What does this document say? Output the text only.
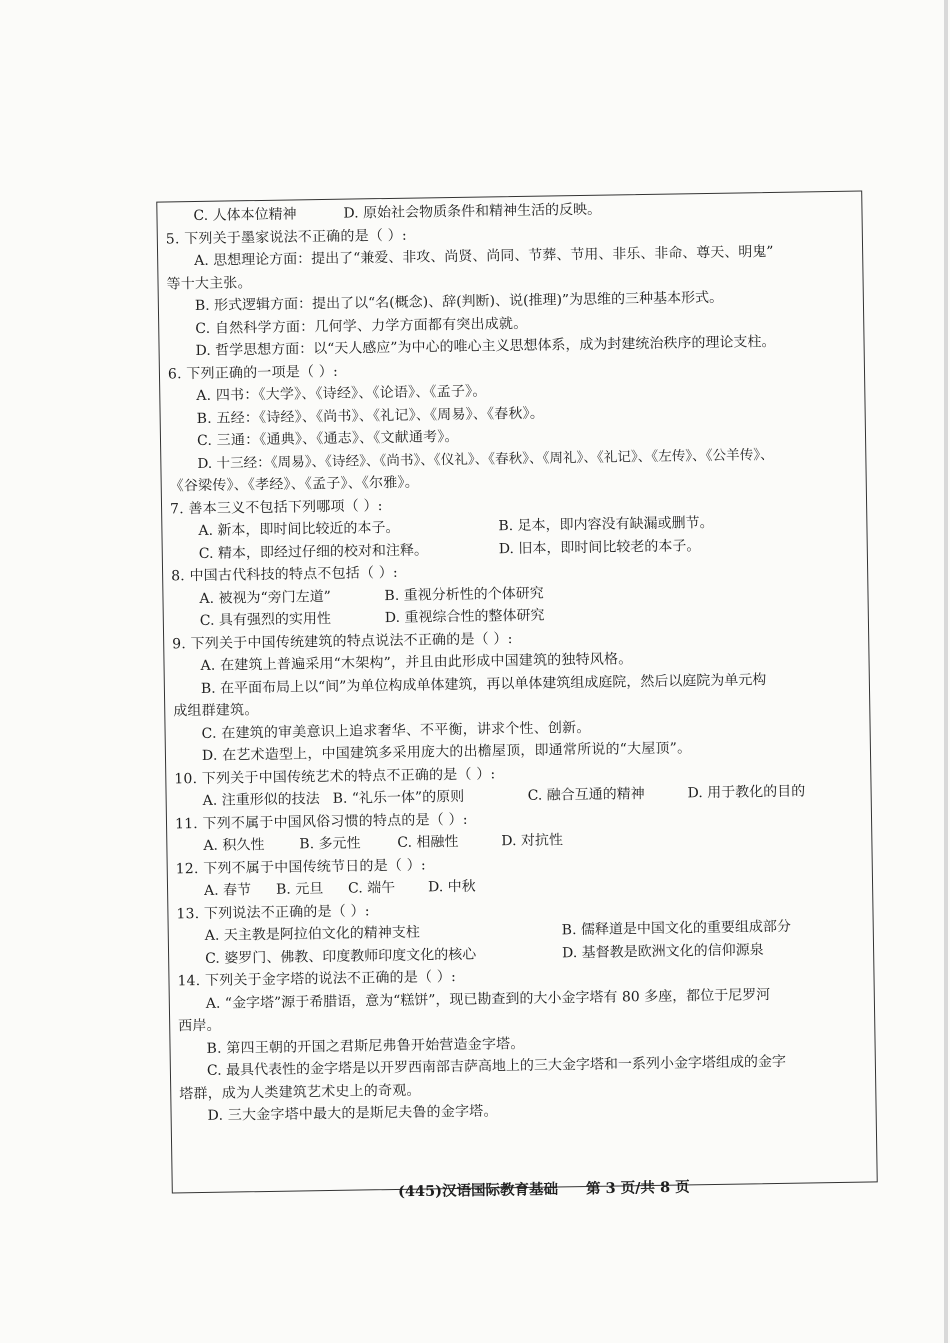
C. 人体本位精神	D. 原始社会物质条件和精神生活的反映。
5. 下列关于墨家说法不正确的是（ ）:
A. 思想理论方面：提出了“兼爱、非攻、尚贤、尚同、节葬、节用、非乐、非命、尊天、明鬼”
等十大主张。
B. 形式逻辑方面：提出了以“名(概念)、辞(判断)、说(推理)”为思维的三种基本形式。
C. 自然科学方面：几何学、力学方面都有突出成就。
D. 哲学思想方面：以“天人感应”为中心的唯心主义思想体系，成为封建统治秩序的理论支柱。
6. 下列正确的一项是（ ）:
A. 四书：《大学》、《诗经》、《论语》、《孟子》。
B. 五经：《诗经》、《尚书》、《礼记》、《周易》、《春秋》。
C. 三通：《通典》、《通志》、《文献通考》。
D. 十三经：《周易》、《诗经》、《尚书》、《仪礼》、《春秋》、《周礼》、《礼记》、《左传》、《公羊传》、
《谷梁传》、《孝经》、《孟子》、《尔雅》。
7. 善本三义不包括下列哪项（ ）:
A. 新本，即时间比较近的本子。	B. 足本，即内容没有缺漏或删节。
C. 精本，即经过仔细的校对和注释。	D. 旧本，即时间比较老的本子。
8. 中国古代科技的特点不包括（ ）:
A. 被视为“旁门左道”	B. 重视分析性的个体研究
C. 具有强烈的实用性	D. 重视综合性的整体研究
9. 下列关于中国传统建筑的特点说法不正确的是（ ）:
A. 在建筑上普遍采用“木架构”，并且由此形成中国建筑的独特风格。
B. 在平面布局上以“间”为单位构成单体建筑，再以单体建筑组成庭院，然后以庭院为单元构
成组群建筑。
C. 在建筑的审美意识上追求奢华、不平衡，讲求个性、创新。
D. 在艺术造型上，中国建筑多采用庞大的出檐屋顶，即通常所说的“大屋顶”。
10. 下列关于中国传统艺术的特点不正确的是（ ）:
A. 注重形似的技法 B. “礼乐一体”的原则	C. 融合互通的精神	D. 用于教化的目的
11. 下列不属于中国风俗习惯的特点的是（ ）:
A. 积久性	B. 多元性	C. 相融性	D. 对抗性
12. 下列不属于中国传统节日的是（ ）:
A. 春节	B. 元旦	C. 端午	D. 中秋
13. 下列说法不正确的是（ ）:
A. 天主教是阿拉伯文化的精神支柱	B. 儒释道是中国文化的重要组成部分
C. 婆罗门、佛教、印度教师印度文化的核心	D. 基督教是欧洲文化的信仰源泉
14. 下列关于金字塔的说法不正确的是（ ）:
A. “金字塔”源于希腊语，意为“糕饼”，现已勘查到的大小金字塔有 80 多座，都位于尼罗河
西岸。
B. 第四王朝的开国之君斯尼弗鲁开始营造金字塔。
C. 最具代表性的金字塔是以开罗西南部吉萨高地上的三大金字塔和一系列小金字塔组成的金字
塔群，成为人类建筑艺术史上的奇观。
D. 三大金字塔中最大的是斯尼夫鲁的金字塔。
(445)汉语国际教育基础 第 3 页/共 8 页
